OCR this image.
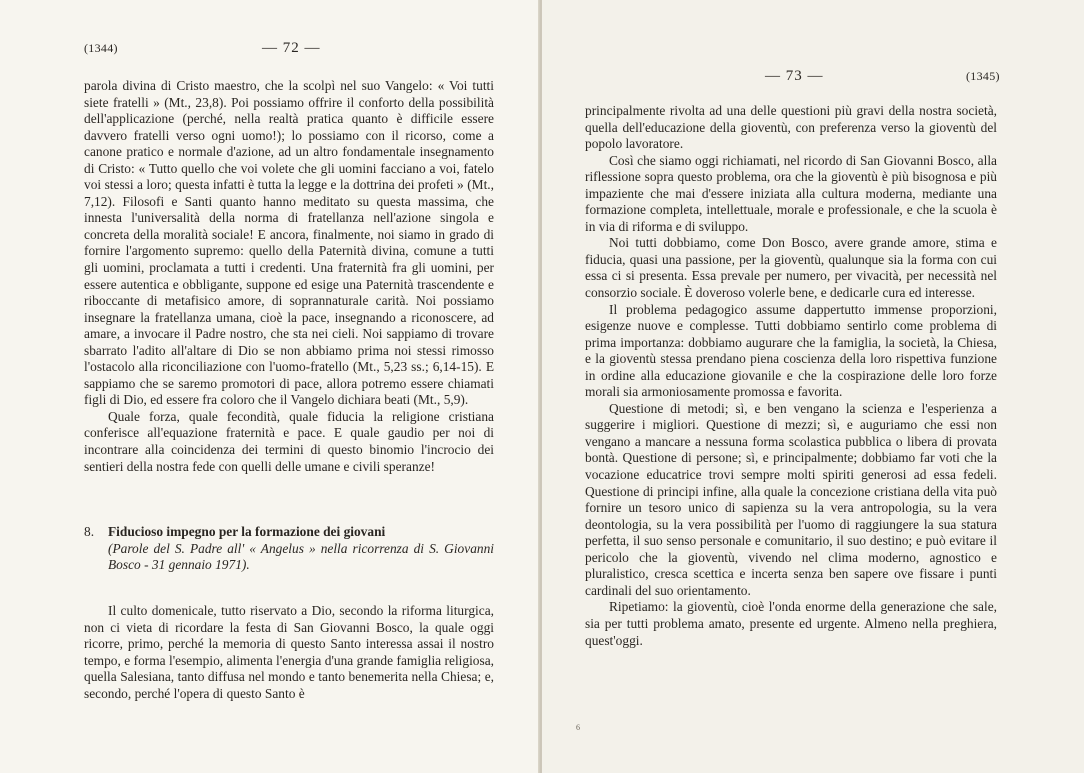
(1344)	— 72 —

parola divina di Cristo maestro, che la scolpì nel suo Vangelo: « Voi tutti siete fratelli » (Mt., 23,8). Poi possiamo offrire il conforto della possibilità dell'applicazione (perché, nella realtà pratica quanto è difficile essere davvero fratelli verso ogni uomo!); lo possiamo con il ricorso, come a canone pratico e normale d'azione, ad un altro fondamentale insegnamento di Cristo: « Tutto quello che voi volete che gli uomini facciano a voi, fatelo voi stessi a loro; questa infatti è tutta la legge e la dottrina dei profeti » (Mt., 7,12). Filosofi e Santi quanto hanno meditato su questa massima, che innesta l'universalità della norma di fratellanza nell'azione singola e concreta della moralità sociale! E ancora, finalmente, noi siamo in grado di fornire l'argomento supremo: quello della Paternità divina, comune a tutti gli uomini, proclamata a tutti i credenti. Una fraternità fra gli uomini, per essere autentica e obbligante, suppone ed esige una Paternità trascendente e riboccante di metafisico amore, di soprannaturale carità. Noi possiamo insegnare la fratellanza umana, cioè la pace, insegnando a riconoscere, ad amare, a invocare il Padre nostro, che sta nei cieli. Noi sappiamo di trovare sbarrato l'adito all'altare di Dio se non abbiamo prima noi stessi rimosso l'ostacolo alla riconciliazione con l'uomo-fratello (Mt., 5,23 ss.; 6,14-15). E sappiamo che se saremo promotori di pace, allora potremo essere chiamati figli di Dio, ed essere fra coloro che il Vangelo dichiara beati (Mt., 5,9).

Quale forza, quale fecondità, quale fiducia la religione cristiana conferisce all'equazione fraternità e pace. E quale gaudio per noi di incontrare alla coincidenza dei termini di questo binomio l'incrocio dei sentieri della nostra fede con quelli delle umane e civili speranze!

8. Fiducioso impegno per la formazione dei giovani
(Parole del S. Padre all' « Angelus » nella ricorrenza di S. Giovanni Bosco - 31 gennaio 1971).

Il culto domenicale, tutto riservato a Dio, secondo la riforma liturgica, non ci vieta di ricordare la festa di San Giovanni Bosco, la quale oggi ricorre, primo, perché la memoria di questo Santo interessa assai il nostro tempo, e forma l'esempio, alimenta l'energia d'una grande famiglia religiosa, quella Salesiana, tanto diffusa nel mondo e tanto benemerita nella Chiesa; e, secondo, perché l'opera di questo Santo è

— 73 —	(1345)

principalmente rivolta ad una delle questioni più gravi della nostra società, quella dell'educazione della gioventù, con preferenza verso la gioventù del popolo lavoratore.

Così che siamo oggi richiamati, nel ricordo di San Giovanni Bosco, alla riflessione sopra questo problema, ora che la gioventù è più bisognosa e più impaziente che mai d'essere iniziata alla cultura moderna, mediante una formazione completa, intellettuale, morale e professionale, e che la scuola è in via di riforma e di sviluppo.

Noi tutti dobbiamo, come Don Bosco, avere grande amore, stima e fiducia, quasi una passione, per la gioventù, qualunque sia la forma con cui essa ci si presenta. Essa prevale per numero, per vivacità, per necessità nel consorzio sociale. È doveroso volerle bene, e dedicarle cura ed interesse.

Il problema pedagogico assume dappertutto immense proporzioni, esigenze nuove e complesse. Tutti dobbiamo sentirlo come problema di prima importanza: dobbiamo augurare che la famiglia, la società, la Chiesa, e la gioventù stessa prendano piena coscienza della loro rispettiva funzione in ordine alla educazione giovanile e che la cospirazione delle loro forze morali sia armoniosamente promossa e favorita.

Questione di metodi; sì, e ben vengano la scienza e l'esperienza a suggerire i migliori. Questione di mezzi; sì, e auguriamo che essi non vengano a mancare a nessuna forma scolastica pubblica o libera di provata bontà. Questione di persone; sì, e principalmente; dobbiamo far voti che la vocazione educatrice trovi sempre molti spiriti generosi ad essa fedeli. Questione di principi infine, alla quale la concezione cristiana della vita può fornire un tesoro unico di sapienza su la vera antropologia, su la vera deontologia, su la vera possibilità per l'uomo di raggiungere la sua statura perfetta, il suo senso personale e comunitario, il suo destino; e può evitare il pericolo che la gioventù, vivendo nel clima moderno, agnostico e pluralistico, cresca scettica e incerta senza ben sapere ove fissare i punti cardinali del suo orientamento.

Ripetiamo: la gioventù, cioè l'onda enorme della generazione che sale, sia per tutti problema amato, presente ed urgente. Almeno nella preghiera, quest'oggi.

6
